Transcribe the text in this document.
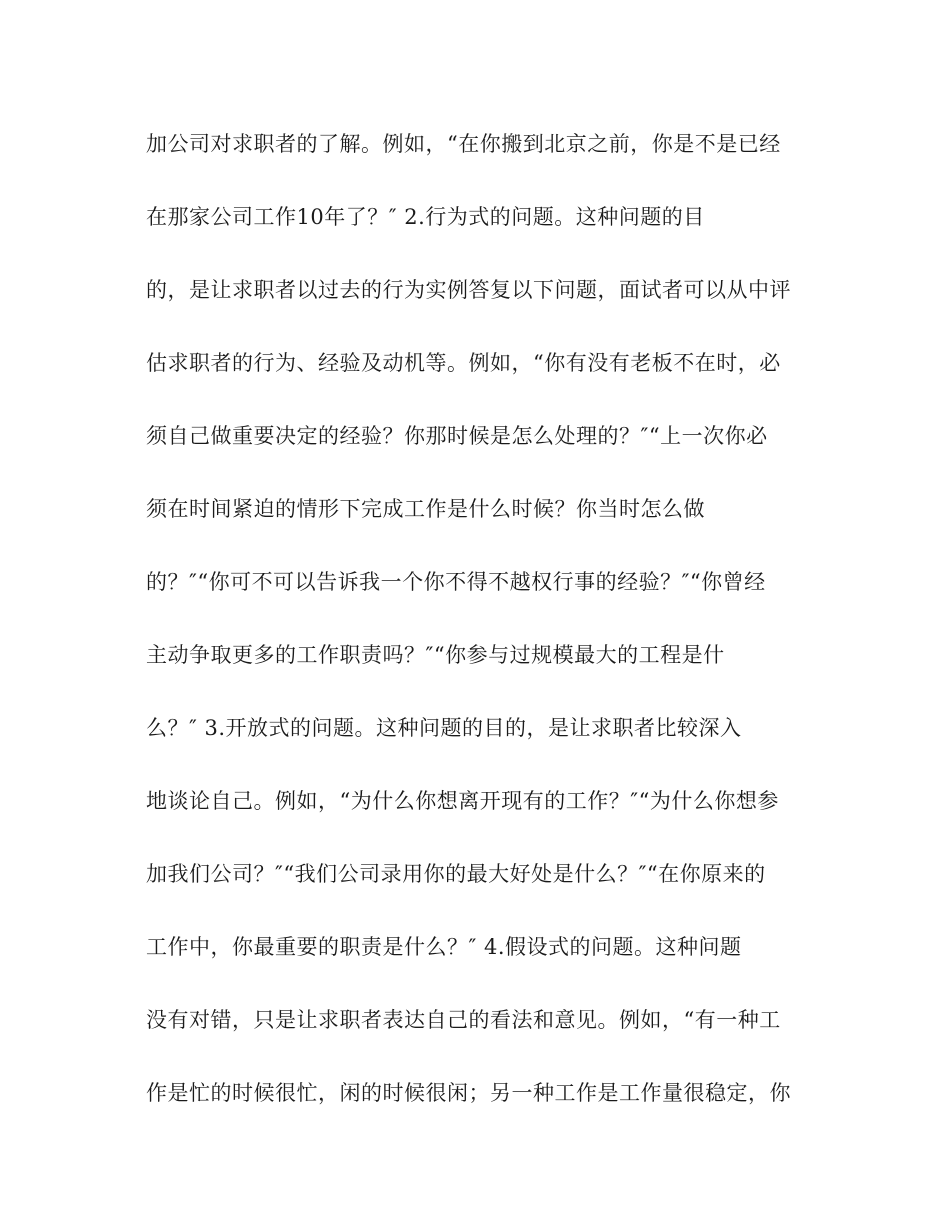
加公司对求职者的了解。例如，“在你搬到北京之前，你是不是已经
在那家公司工作10年了？″ 2.行为式的问题。这种问题的目
的，是让求职者以过去的行为实例答复以下问题，面试者可以从中评
估求职者的行为、经验及动机等。例如，“你有没有老板不在时，必
须自己做重要决定的经验？你那时候是怎么处理的？″“上一次你必
须在时间紧迫的情形下完成工作是什么时候？你当时怎么做
的？″“你可不可以告诉我一个你不得不越权行事的经验？″“你曾经
主动争取更多的工作职责吗？″“你参与过规模最大的工程是什
么？″ 3.开放式的问题。这种问题的目的，是让求职者比较深入
地谈论自己。例如，“为什么你想离开现有的工作？″“为什么你想参
加我们公司？″“我们公司录用你的最大好处是什么？″“在你原来的
工作中，你最重要的职责是什么？″ 4.假设式的问题。这种问题
没有对错，只是让求职者表达自己的看法和意见。例如，“有一种工
作是忙的时候很忙，闲的时候很闲；另一种工作是工作量很稳定，你
